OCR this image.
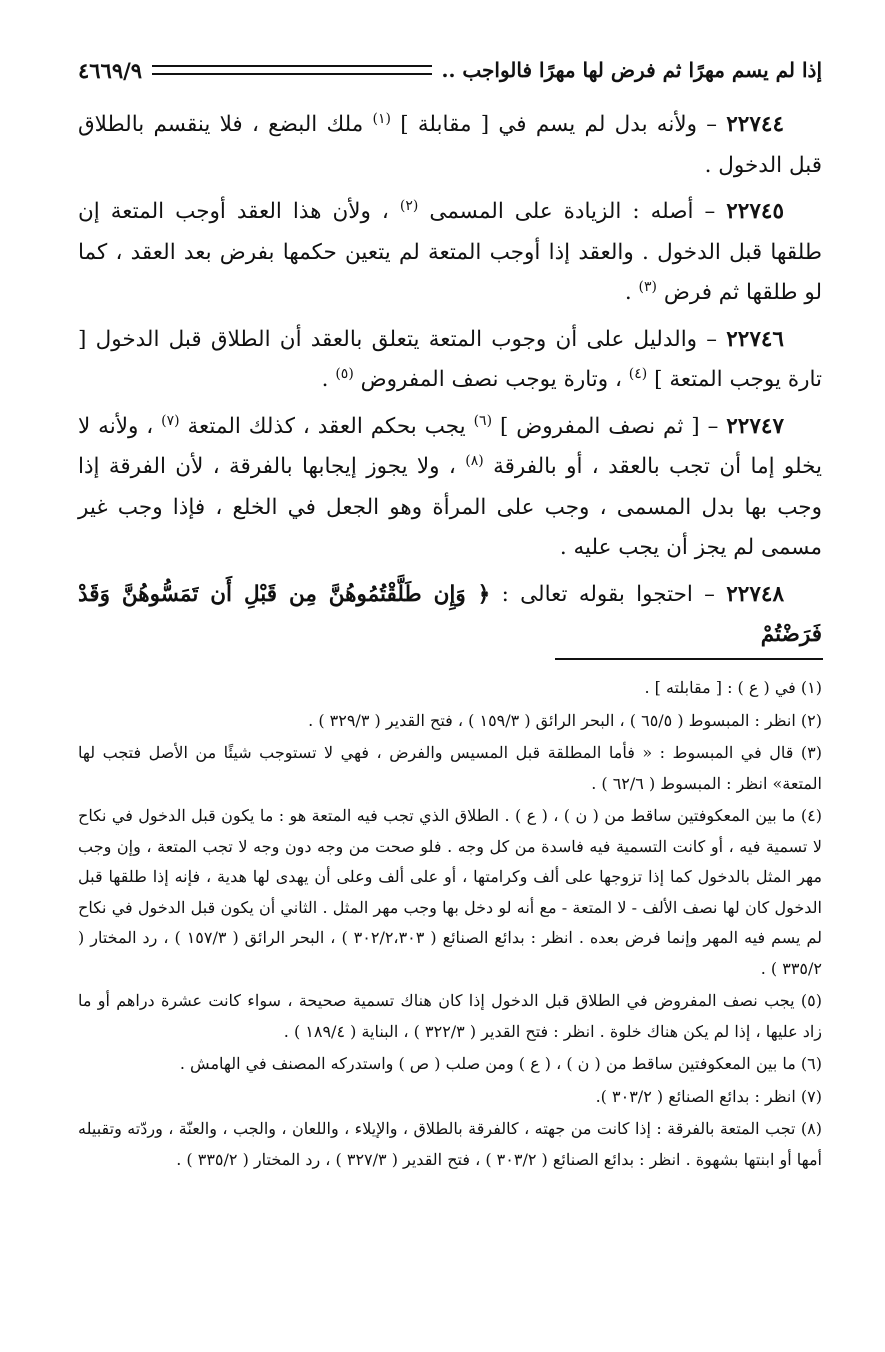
إذا لم يسم مهرًا ثم فرض لها مهرًا فالواجب ..
٤٦٦٩/٩

٢٢٧٤٤ – ولأنه بدل لم يسم في [ مقابلة ] $^{(١)}$ ملك البضع ، فلا ينقسم بالطلاق قبل الدخول .

٢٢٧٤٥ – أصله : الزيادة على المسمى $^{(٢)}$ ، ولأن هذا العقد أوجب المتعة إن طلقها قبل الدخول . والعقد إذا أوجب المتعة لم يتعين حكمها بفرض بعد العقد ، كما لو طلقها ثم فرض $^{(٣)}$ .

٢٢٧٤٦ – والدليل على أن وجوب المتعة يتعلق بالعقد أن الطلاق قبل الدخول [ تارة يوجب المتعة ] $^{(٤)}$ ، وتارة يوجب نصف المفروض $^{(٥)}$ .

٢٢٧٤٧ – [ ثم نصف المفروض ] $^{(٦)}$ يجب بحكم العقد ، كذلك المتعة $^{(٧)}$ ، ولأنه لا يخلو إما أن تجب بالعقد ، أو بالفرقة $^{(٨)}$ ، ولا يجوز إيجابها بالفرقة ، لأن الفرقة إذا وجب بها بدل المسمى ، وجب على المرأة وهو الجعل في الخلع ، فإذا وجب غير مسمى لم يجز أن يجب عليه .

٢٢٧٤٨ – احتجوا بقوله تعالى : ﴿ وَإِن طَلَّقْتُمُوهُنَّ مِن قَبْلِ أَن تَمَسُّوهُنَّ وَقَدْ فَرَضْتُمْ

(١) في ( ع ) : [ مقابلته ] .

(٢) انظر : المبسوط ( ٦٥/٥ ) ، البحر الرائق ( ١٥٩/٣ ) ، فتح القدير ( ٣٢٩/٣ ) .

(٣) قال في المبسوط : « فأما المطلقة قبل المسيس والفرض ، فهي لا تستوجب شيئًا من الأصل فتجب لها المتعة» انظر : المبسوط ( ٦٢/٦ ) .

(٤) ما بين المعكوفتين ساقط من ( ن ) ، ( ع ) . الطلاق الذي تجب فيه المتعة هو : ما يكون قبل الدخول في نكاح لا تسمية فيه ، أو كانت التسمية فيه فاسدة من كل وجه . فلو صحت من وجه دون وجه لا تجب المتعة ، وإن وجب مهر المثل بالدخول كما إذا تزوجها على ألف وكرامتها ، أو على ألف وعلى أن يهدى لها هدية ، فإنه إذا طلقها قبل الدخول كان لها نصف الألف - لا المتعة - مع أنه لو دخل بها وجب مهر المثل . الثاني أن يكون قبل الدخول في نكاح لم يسم فيه المهر وإنما فرض بعده . انظر : بدائع الصنائع ( ٣٠٢/٢،٣٠٣ ) ، البحر الرائق ( ١٥٧/٣ ) ، رد المختار ( ٣٣٥/٢ ) .

(٥) يجب نصف المفروض في الطلاق قبل الدخول إذا كان هناك تسمية صحيحة ، سواء كانت عشرة دراهم أو ما زاد عليها ، إذا لم يكن هناك خلوة . انظر : فتح القدير ( ٣٢٢/٣ ) ، البناية ( ١٨٩/٤ ) .

(٦) ما بين المعكوفتين ساقط من ( ن ) ، ( ع ) ومن صلب ( ص ) واستدركه المصنف في الهامش .

(٧) انظر : بدائع الصنائع ( ٣٠٣/٢ ).

(٨) تجب المتعة بالفرقة : إذا كانت من جهته ، كالفرقة بالطلاق ، والإيلاء ، واللعان ، والجب ، والعنّة ، وردّته وتقبيله أمها أو ابنتها بشهوة . انظر : بدائع الصنائع ( ٣٠٣/٢ ) ، فتح القدير ( ٣٢٧/٣ ) ، رد المختار ( ٣٣٥/٢ ) .
